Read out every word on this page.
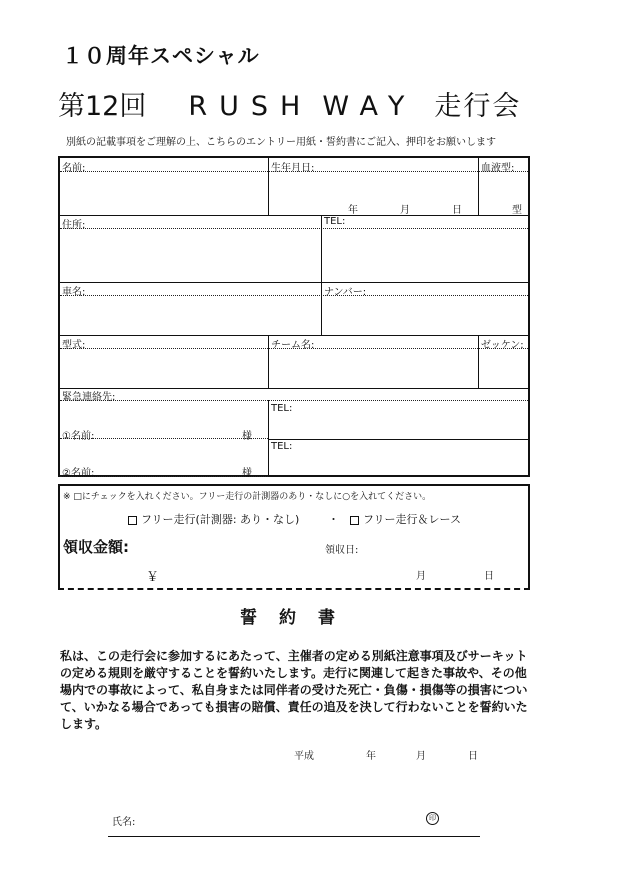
１０周年スペシャル
第12回 RUSH WAY 走行会
別紙の記載事項をご理解の上、こちらのエントリー用紙・誓約書にご記入、押印をお願いします
名前:	生年月日:	血液型:
年	月	日	型
住所:	TEL:
車名:	ナンバー:
型式:	チーム名:	ゼッケン:
緊急連絡先:
TEL:
①名前:	様
TEL:
②名前:	様
※ □にチェックを入れください。フリー走行の計測器のあり・なしに○を入れてください。
フリー走行(計測器: あり・なし)	・	フリー走行＆レース
領収金額:	領収日:
￥	月	日
誓約書
私は、この走行会に参加するにあたって、主催者の定める別紙注意事項及びサーキットの定める規則を厳守することを誓約いたします。走行に関連して起きた事故や、その他場内での事故によって、私自身または同伴者の受けた死亡・負傷・損傷等の損害について、いかなる場合であっても損害の賠償、責任の追及を決して行わないことを誓約いたします。
平成	年	月	日
氏名:	印
